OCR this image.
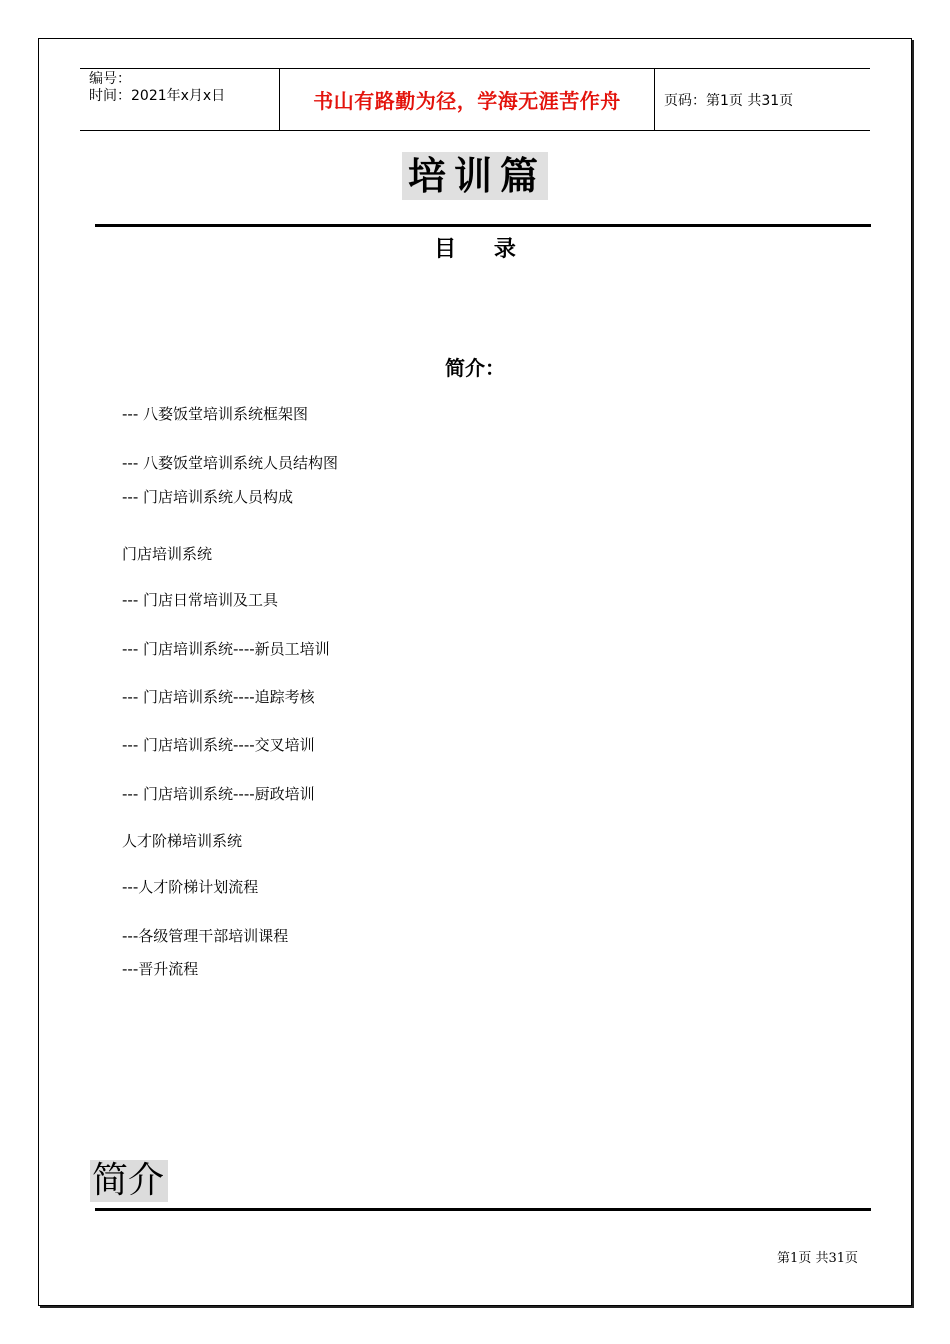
编号：
时间：2021年x月x日	书山有路勤为径，学海无涯苦作舟	页码：第1页 共31页
培训篇
目 录
简介：
--- 八婺饭堂培训系统框架图
--- 八婺饭堂培训系统人员结构图
--- 门店培训系统人员构成
门店培训系统
--- 门店日常培训及工具
--- 门店培训系统----新员工培训
--- 门店培训系统----追踪考核
--- 门店培训系统----交叉培训
--- 门店培训系统----厨政培训
人才阶梯培训系统
---人才阶梯计划流程
---各级管理干部培训课程
---晋升流程
简介
第1页 共31页
